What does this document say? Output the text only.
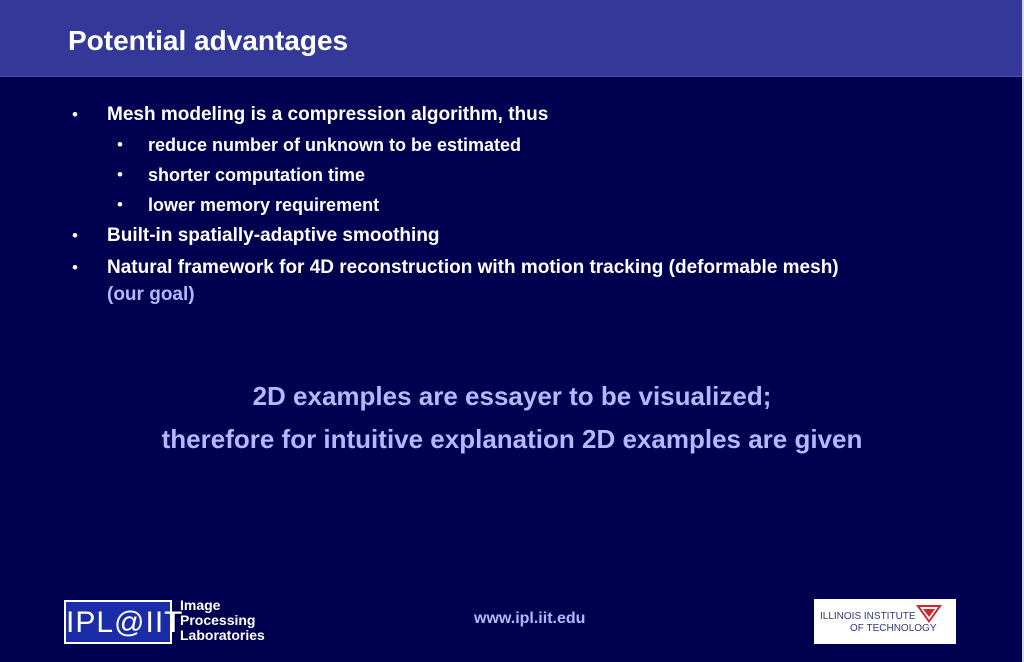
Potential advantages
• Mesh modeling is a compression algorithm, thus
• reduce number of unknown to be estimated
• shorter computation time
• lower memory requirement
• Built-in spatially-adaptive smoothing
• Natural framework for 4D reconstruction with motion tracking (deformable mesh)
(our goal)
2D examples are essayer to be visualized;
therefore for intuitive explanation 2D examples are given
IPL@IIT
Image
Processing
Laboratories
www.ipl.iit.edu	ILLINOIS INSTITUTE
OF TECHNOLOGY
